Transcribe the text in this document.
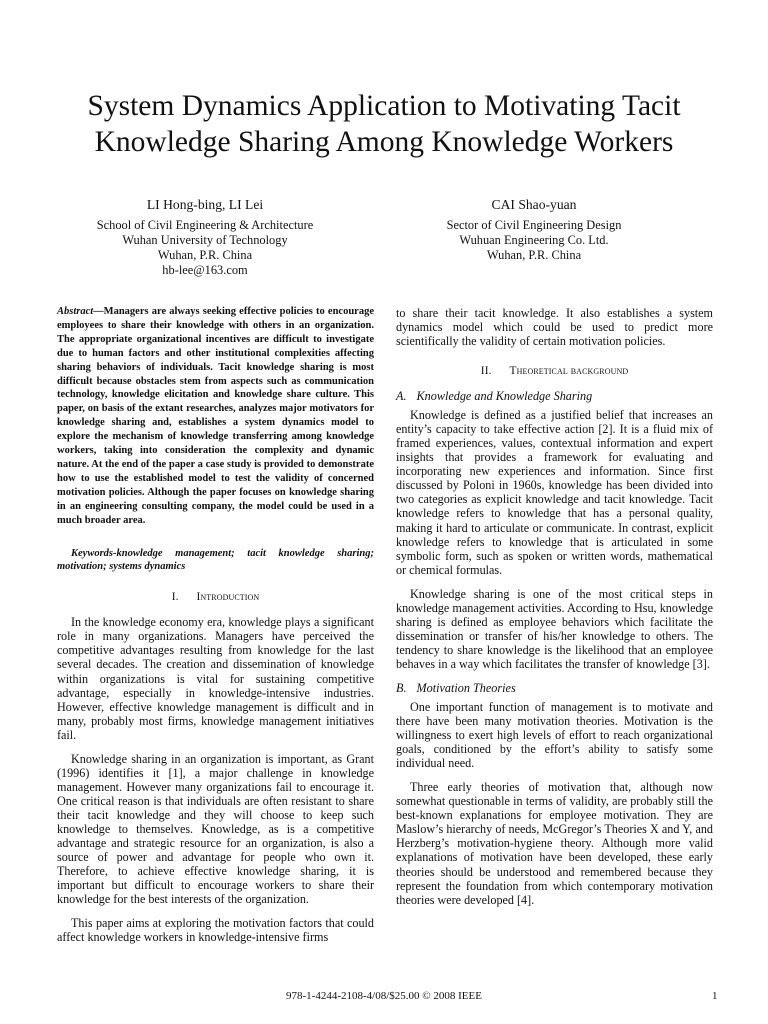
System Dynamics Application to Motivating Tacit
Knowledge Sharing Among Knowledge Workers
LI Hong-bing, LI Lei
School of Civil Engineering & Architecture
Wuhan University of Technology
Wuhan, P.R. China
hb-lee@163.com
CAI Shao-yuan
Sector of Civil Engineering Design
Wuhuan Engineering Co. Ltd.
Wuhan, P.R. China

Abstract—Managers are always seeking effective policies to encourage employees to share their knowledge with others in an organization. The appropriate organizational incentives are difficult to investigate due to human factors and other institutional complexities affecting sharing behaviors of individuals. Tacit knowledge sharing is most difficult because obstacles stem from aspects such as communication technology, knowledge elicitation and knowledge share culture. This paper, on basis of the extant researches, analyzes major motivators for knowledge sharing and, establishes a system dynamics model to explore the mechanism of knowledge transferring among knowledge workers, taking into consideration the complexity and dynamic nature. At the end of the paper a case study is provided to demonstrate how to use the established model to test the validity of concerned motivation policies. Although the paper focuses on knowledge sharing in an engineering consulting company, the model could be used in a much broader area.

Keywords-knowledge management; tacit knowledge sharing; motivation; systems dynamics

I. Introduction

In the knowledge economy era, knowledge plays a significant role in many organizations. Managers have perceived the competitive advantages resulting from knowledge for the last several decades. The creation and dissemination of knowledge within organizations is vital for sustaining competitive advantage, especially in knowledge-intensive industries. However, effective knowledge management is difficult and in many, probably most firms, knowledge management initiatives fail.

Knowledge sharing in an organization is important, as Grant (1996) identifies it [1], a major challenge in knowledge management. However many organizations fail to encourage it. One critical reason is that individuals are often resistant to share their tacit knowledge and they will choose to keep such knowledge to themselves. Knowledge, as is a competitive advantage and strategic resource for an organization, is also a source of power and advantage for people who own it. Therefore, to achieve effective knowledge sharing, it is important but difficult to encourage workers to share their knowledge for the best interests of the organization.

This paper aims at exploring the motivation factors that could affect knowledge workers in knowledge-intensive firms

to share their tacit knowledge. It also establishes a system dynamics model which could be used to predict more scientifically the validity of certain motivation policies.

II. Theoretical background
A. Knowledge and Knowledge Sharing

Knowledge is defined as a justified belief that increases an entity’s capacity to take effective action [2]. It is a fluid mix of framed experiences, values, contextual information and expert insights that provides a framework for evaluating and incorporating new experiences and information. Since first discussed by Poloni in 1960s, knowledge has been divided into two categories as explicit knowledge and tacit knowledge. Tacit knowledge refers to knowledge that has a personal quality, making it hard to articulate or communicate. In contrast, explicit knowledge refers to knowledge that is articulated in some symbolic form, such as spoken or written words, mathematical or chemical formulas.

Knowledge sharing is one of the most critical steps in knowledge management activities. According to Hsu, knowledge sharing is defined as employee behaviors which facilitate the dissemination or transfer of his/her knowledge to others. The tendency to share knowledge is the likelihood that an employee behaves in a way which facilitates the transfer of knowledge [3].

B. Motivation Theories

One important function of management is to motivate and there have been many motivation theories. Motivation is the willingness to exert high levels of effort to reach organizational goals, conditioned by the effort’s ability to satisfy some individual need.

Three early theories of motivation that, although now somewhat questionable in terms of validity, are probably still the best-known explanations for employee motivation. They are Maslow’s hierarchy of needs, McGregor’s Theories X and Y, and Herzberg’s motivation-hygiene theory. Although more valid explanations of motivation have been developed, these early theories should be understood and remembered because they represent the foundation from which contemporary motivation theories were developed [4].

978-1-4244-2108-4/08/$25.00 © 2008 IEEE	1
